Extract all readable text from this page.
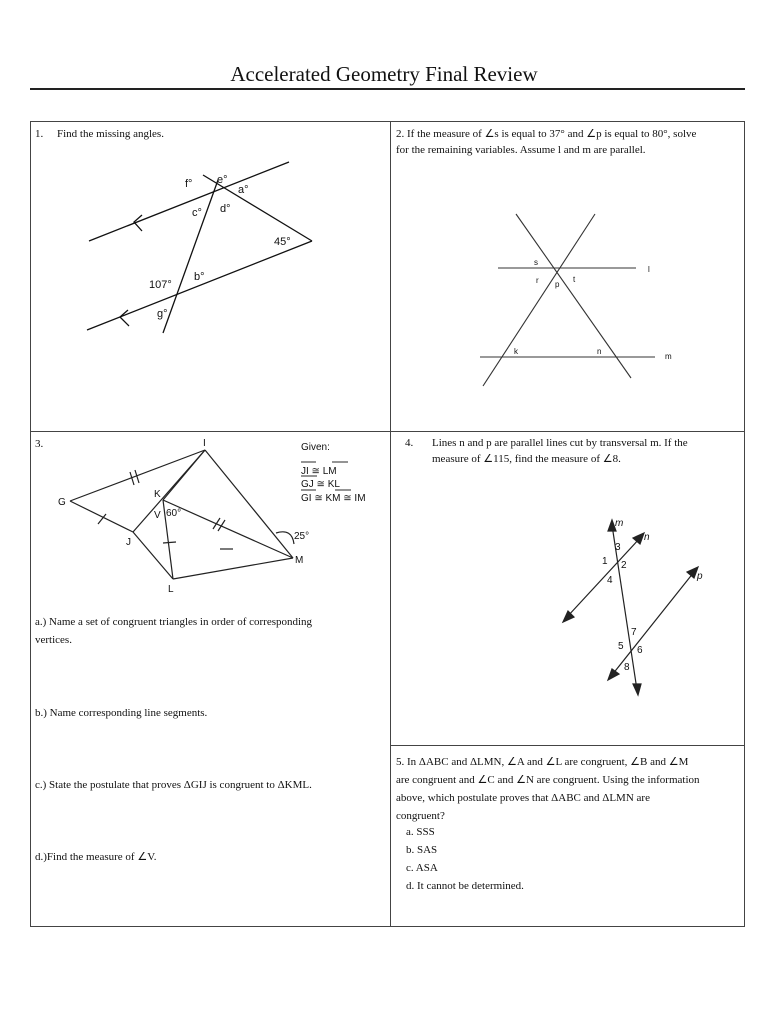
Accelerated Geometry Final Review
1. Find the missing angles.
f° e°
c° d°
a°
45°
107°
b°
g°
2. If the measure of ∠s is equal to 37° and ∠p is equal to 80°, solve
for the remaining variables. Assume l and m are parallel.
s
r p
t
l
k	n
m
3.	I
G
K
V 60°
J
L
M
25°
Given:
JI ≅ LM
GJ ≅ KL
GI ≅ KM ≅ IM
a.) Name a set of congruent triangles in order of corresponding
vertices.
b.) Name corresponding line segments.
c.) State the postulate that proves ΔGIJ is congruent to ΔKML.
d.)Find the measure of ∠V.
4. Lines n and p are parallel lines cut by transversal m. If the
measure of ∠115, find the measure of ∠8.
m
n
p
1 2
3
4
5 6
7
8
5. In ΔABC and ΔLMN, ∠A and ∠L are congruent, ∠B and ∠M
are congruent and ∠C and ∠N are congruent. Using the information
above, which postulate proves that ΔABC and ΔLMN are
congruent?
a. SSS
b. SAS
c. ASA
d. It cannot be determined.
